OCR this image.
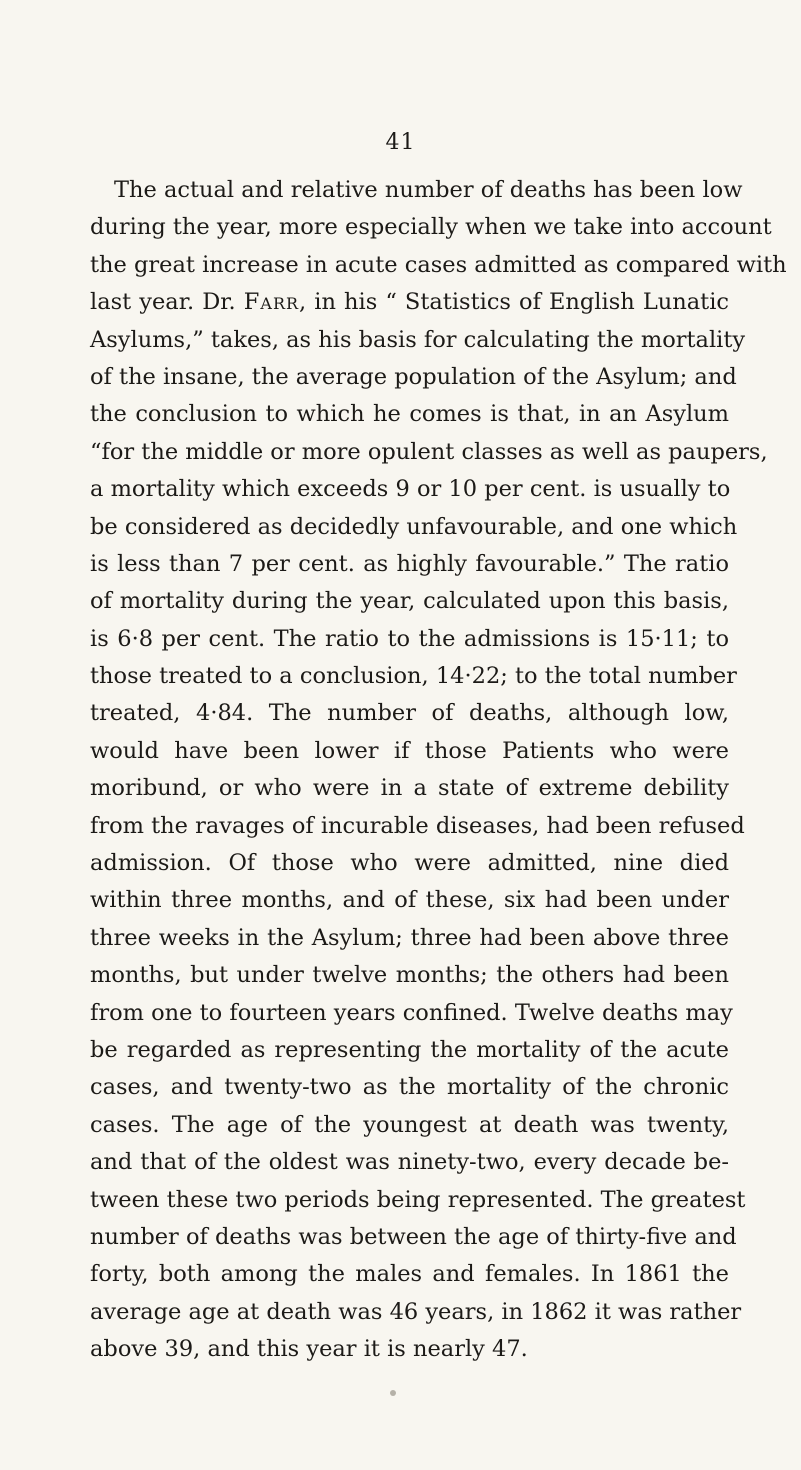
41
The actual and relative number of deaths has been low
during the year, more especially when we take into account
the great increase in acute cases admitted as compared with
last year. Dr. Farr, in his “ Statistics of English Lunatic
Asylums,” takes, as his basis for calculating the mortality
of the insane, the average population of the Asylum; and
the conclusion to which he comes is that, in an Asylum
“for the middle or more opulent classes as well as paupers,
a mortality which exceeds 9 or 10 per cent. is usually to
be considered as decidedly unfavourable, and one which
is less than 7 per cent. as highly favourable.” The ratio
of mortality during the year, calculated upon this basis,
is 6·8 per cent. The ratio to the admissions is 15·11; to
those treated to a conclusion, 14·22; to the total number
treated, 4·84. The number of deaths, although low,
would have been lower if those Patients who were
moribund, or who were in a state of extreme debility
from the ravages of incurable diseases, had been refused
admission. Of those who were admitted, nine died
within three months, and of these, six had been under
three weeks in the Asylum; three had been above three
months, but under twelve months; the others had been
from one to fourteen years confined. Twelve deaths may
be regarded as representing the mortality of the acute
cases, and twenty-two as the mortality of the chronic
cases. The age of the youngest at death was twenty,
and that of the oldest was ninety-two, every decade be-
tween these two periods being represented. The greatest
number of deaths was between the age of thirty-five and
forty, both among the males and females. In 1861 the
average age at death was 46 years, in 1862 it was rather
above 39, and this year it is nearly 47.
